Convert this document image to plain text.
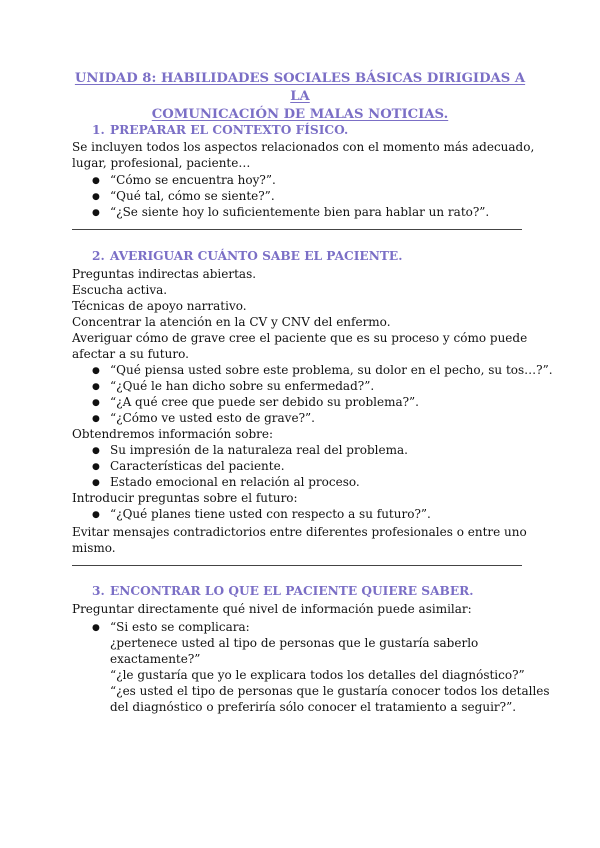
UNIDAD 8: HABILIDADES SOCIALES BÁSICAS DIRIGIDAS A LA
COMUNICACIÓN DE MALAS NOTICIAS.
1. PREPARAR EL CONTEXTO FÍSICO.
Se incluyen todos los aspectos relacionados con el momento más adecuado,
lugar, profesional, paciente…
● “Cómo se encuentra hoy?”.
● “Qué tal, cómo se siente?”.
● “¿Se siente hoy lo suficientemente bien para hablar un rato?”.
2. AVERIGUAR CUÁNTO SABE EL PACIENTE.
Preguntas indirectas abiertas.
Escucha activa.
Técnicas de apoyo narrativo.
Concentrar la atención en la CV y CNV del enfermo.
Averiguar cómo de grave cree el paciente que es su proceso y cómo puede
afectar a su futuro.
● “Qué piensa usted sobre este problema, su dolor en el pecho, su tos…?”.
● “¿Qué le han dicho sobre su enfermedad?”.
● “¿A qué cree que puede ser debido su problema?”.
● “¿Cómo ve usted esto de grave?”.
Obtendremos información sobre:
● Su impresión de la naturaleza real del problema.
● Características del paciente.
● Estado emocional en relación al proceso.
Introducir preguntas sobre el futuro:
● “¿Qué planes tiene usted con respecto a su futuro?”.
Evitar mensajes contradictorios entre diferentes profesionales o entre uno
mismo.
3. ENCONTRAR LO QUE EL PACIENTE QUIERE SABER.
Preguntar directamente qué nivel de información puede asimilar:
● “Si esto se complicara:
¿pertenece usted al tipo de personas que le gustaría saberlo
exactamente?”
“¿le gustaría que yo le explicara todos los detalles del diagnóstico?”
“¿es usted el tipo de personas que le gustaría conocer todos los detalles
del diagnóstico o preferiría sólo conocer el tratamiento a seguir?”.
